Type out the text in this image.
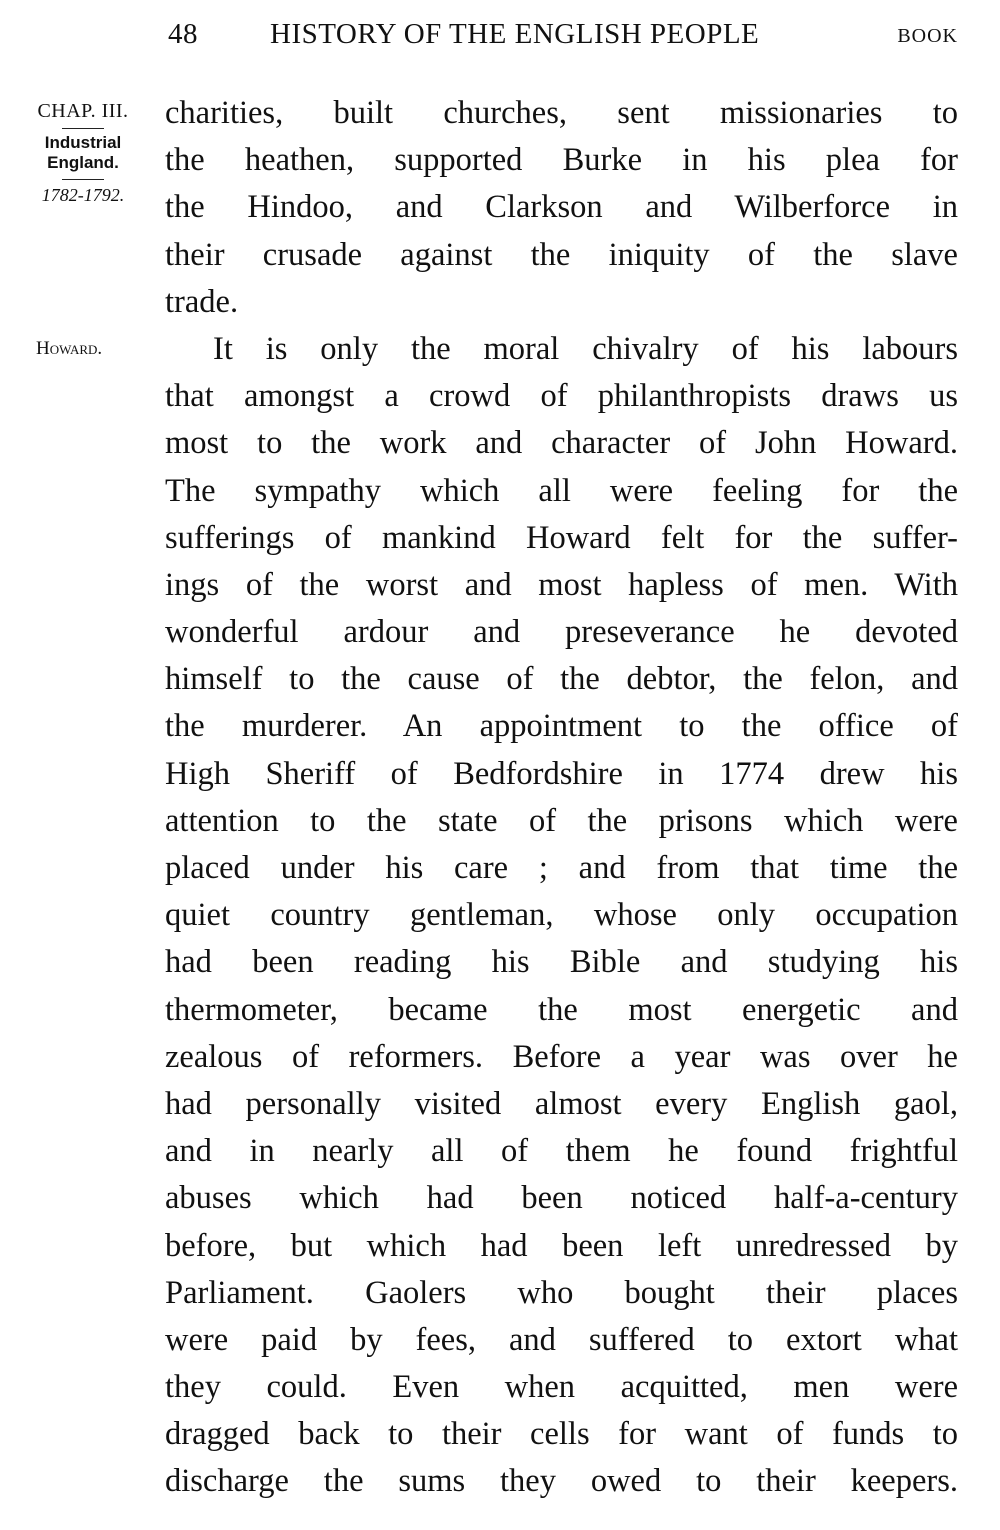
48 HISTORY OF THE ENGLISH PEOPLE	BOOK
CHAP. III.
Industrial England.
1782-1792.
Howard.
charities, built churches, sent missionaries to
the heathen, supported Burke in his plea for
the Hindoo, and Clarkson and Wilberforce in
their crusade against the iniquity of the slave
trade.
It is only the moral chivalry of his labours
that amongst a crowd of philanthropists draws us
most to the work and character of John Howard.
The sympathy which all were feeling for the
sufferings of mankind Howard felt for the suffer-
ings of the worst and most hapless of men. With
wonderful ardour and preseverance he devoted
himself to the cause of the debtor, the felon, and
the murderer. An appointment to the office of
High Sheriff of Bedfordshire in 1774 drew his
attention to the state of the prisons which were
placed under his care ; and from that time the
quiet country gentleman, whose only occupation
had been reading his Bible and studying his
thermometer, became the most energetic and
zealous of reformers. Before a year was over he
had personally visited almost every English gaol,
and in nearly all of them he found frightful
abuses which had been noticed half-a-century
before, but which had been left unredressed by
Parliament. Gaolers who bought their places
were paid by fees, and suffered to extort what
they could. Even when acquitted, men were
dragged back to their cells for want of funds to
discharge the sums they owed to their keepers.
